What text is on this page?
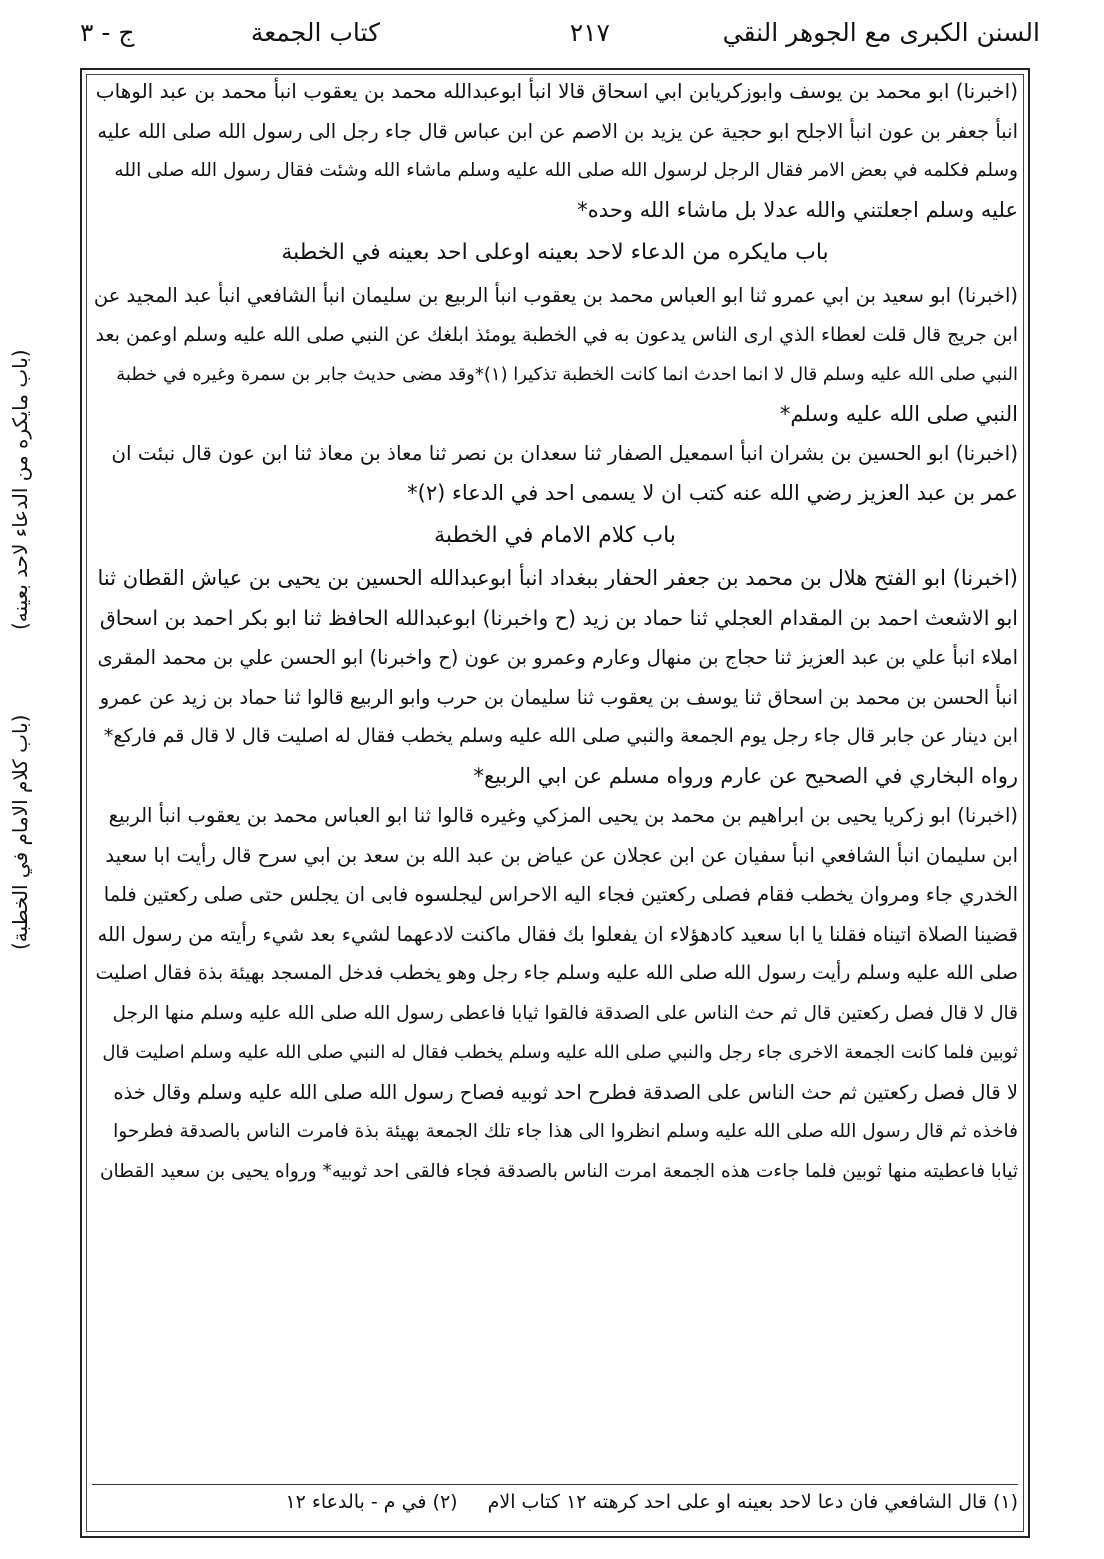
السنن الكبرى مع الجوهر النقي
٢١٧
كتاب الجمعة
ج - ٣
(باب مايكره من الدعاء لاحد بعينه)
(باب كلام الامام في الخطبة)
(اخبرنا) ابو محمد بن يوسف وابوزكريابن ابي اسحاق قالا انبأ ابوعبدالله محمد بن يعقوب انبأ محمد بن عبد الوهاب
انبأ جعفر بن عون انبأ الاجلح ابو حجية عن يزيد بن الاصم عن ابن عباس قال جاء رجل الى رسول الله صلى الله عليه
وسلم فكلمه في بعض الامر فقال الرجل لرسول الله صلى الله عليه وسلم ماشاء الله وشئت فقال رسول الله صلى الله
عليه وسلم اجعلتني والله عدلا بل ماشاء الله وحده*
باب مايكره من الدعاء لاحد بعينه اوعلى احد بعينه في الخطبة
(اخبرنا) ابو سعيد بن ابي عمرو ثنا ابو العباس محمد بن يعقوب انبأ الربيع بن سليمان انبأ الشافعي انبأ عبد المجيد عن
ابن جريج قال قلت لعطاء الذي ارى الناس يدعون به في الخطبة يومئذ ابلغك عن النبي صلى الله عليه وسلم اوعمن بعد
النبي صلى الله عليه وسلم قال لا انما احدث انما كانت الخطبة تذكيرا (١)*وقد مضى حديث جابر بن سمرة وغيره في خطبة
النبي صلى الله عليه وسلم*
(اخبرنا) ابو الحسين بن بشران انبأ اسمعيل الصفار ثنا سعدان بن نصر ثنا معاذ بن معاذ ثنا ابن عون قال نبئت ان
عمر بن عبد العزيز رضي الله عنه كتب ان لا يسمى احد في الدعاء (٢)*
باب كلام الامام في الخطبة
(اخبرنا) ابو الفتح هلال بن محمد بن جعفر الحفار ببغداد انبأ ابوعبدالله الحسين بن يحيى بن عياش القطان ثنا
ابو الاشعث احمد بن المقدام العجلي ثنا حماد بن زيد (ح واخبرنا) ابوعبدالله الحافظ ثنا ابو بكر احمد بن اسحاق
املاء انبأ علي بن عبد العزيز ثنا حجاج بن منهال وعارم وعمرو بن عون (ح واخبرنا) ابو الحسن علي بن محمد المقرى
انبأ الحسن بن محمد بن اسحاق ثنا يوسف بن يعقوب ثنا سليمان بن حرب وابو الربيع قالوا ثنا حماد بن زيد عن عمرو
ابن دينار عن جابر قال جاء رجل يوم الجمعة والنبي صلى الله عليه وسلم يخطب فقال له اصليت قال لا قال قم فاركع*
رواه البخاري في الصحيح عن عارم ورواه مسلم عن ابي الربيع*
(اخبرنا) ابو زكريا يحيى بن ابراهيم بن محمد بن يحيى المزكي وغيره قالوا ثنا ابو العباس محمد بن يعقوب انبأ الربيع
ابن سليمان انبأ الشافعي انبأ سفيان عن ابن عجلان عن عياض بن عبد الله بن سعد بن ابي سرح قال رأيت ابا سعيد
الخدري جاء ومروان يخطب فقام فصلى ركعتين فجاء اليه الاحراس ليجلسوه فابى ان يجلس حتى صلى ركعتين فلما
قضينا الصلاة اتيناه فقلنا يا ابا سعيد كادهؤلاء ان يفعلوا بك فقال ماكنت لادعهما لشيء بعد شيء رأيته من رسول الله
صلى الله عليه وسلم رأيت رسول الله صلى الله عليه وسلم جاء رجل وهو يخطب فدخل المسجد بهيئة بذة فقال اصليت
قال لا قال فصل ركعتين قال ثم حث الناس على الصدقة فالقوا ثيابا فاعطى رسول الله صلى الله عليه وسلم منها الرجل
ثوبين فلما كانت الجمعة الاخرى جاء رجل والنبي صلى الله عليه وسلم يخطب فقال له النبي صلى الله عليه وسلم اصليت قال
لا قال فصل ركعتين ثم حث الناس على الصدقة فطرح احد ثوبيه فصاح رسول الله صلى الله عليه وسلم وقال خذه
فاخذه ثم قال رسول الله صلى الله عليه وسلم انظروا الى هذا جاء تلك الجمعة بهيئة بذة فامرت الناس بالصدقة فطرحوا
ثيابا فاعطيته منها ثوبين فلما جاءت هذه الجمعة امرت الناس بالصدقة فجاء فالقى احد ثوبيه* ورواه يحيى بن سعيد القطان
(١) قال الشافعي فان دعا لاحد بعينه او على احد كرهته ١٢ كتاب الام (٢) في م - بالدعاء ١٢
